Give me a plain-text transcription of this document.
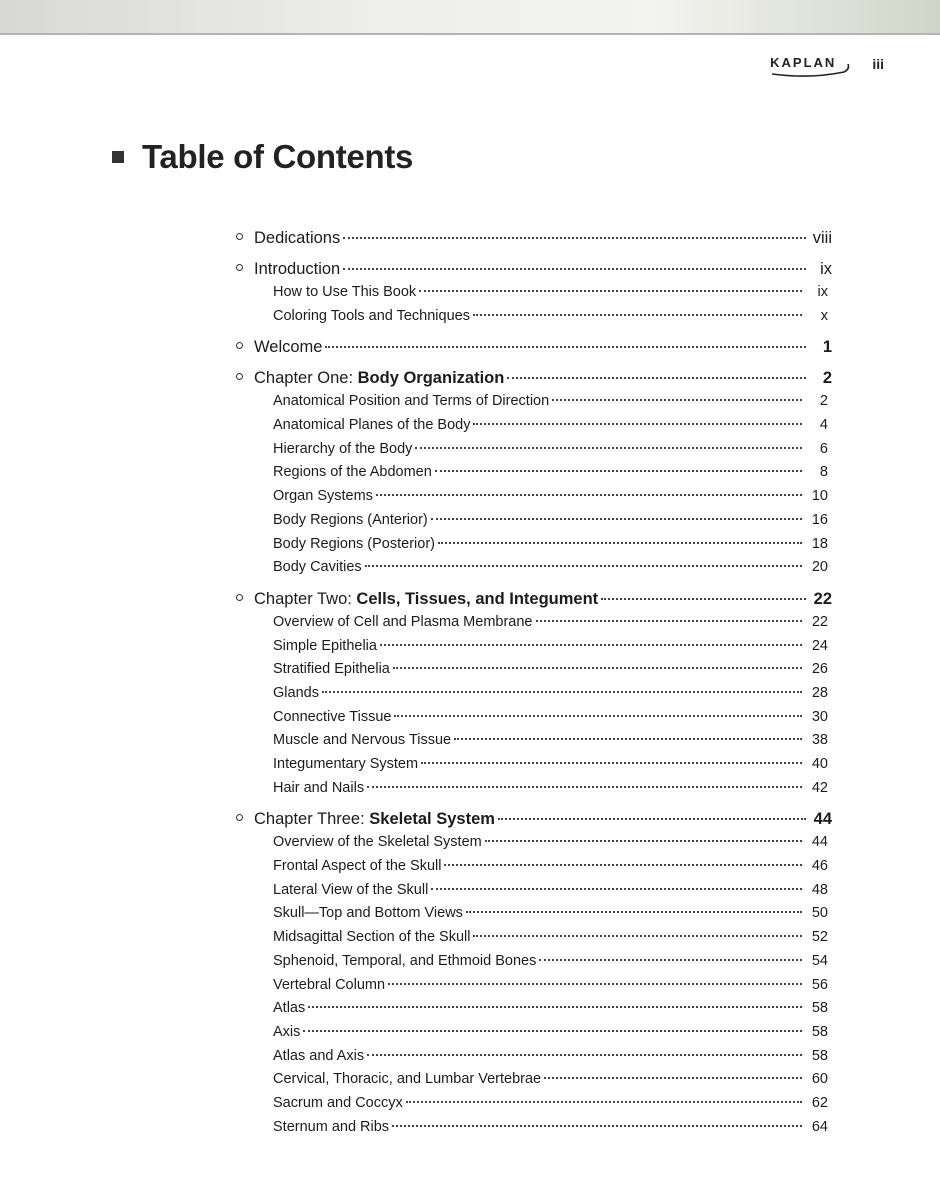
KAPLAN	iii
Table of Contents
Dedications	viii
Introduction	ix
How to Use This Book	ix
Coloring Tools and Techniques	x
Welcome	1
Chapter One: Body Organization	2
Anatomical Position and Terms of Direction	2
Anatomical Planes of the Body	4
Hierarchy of the Body	6
Regions of the Abdomen	8
Organ Systems	10
Body Regions (Anterior)	16
Body Regions (Posterior)	18
Body Cavities	20
Chapter Two: Cells, Tissues, and Integument	22
Overview of Cell and Plasma Membrane	22
Simple Epithelia	24
Stratified Epithelia	26
Glands	28
Connective Tissue	30
Muscle and Nervous Tissue	38
Integumentary System	40
Hair and Nails	42
Chapter Three: Skeletal System	44
Overview of the Skeletal System	44
Frontal Aspect of the Skull	46
Lateral View of the Skull	48
Skull—Top and Bottom Views	50
Midsagittal Section of the Skull	52
Sphenoid, Temporal, and Ethmoid Bones	54
Vertebral Column	56
Atlas	58
Axis	58
Atlas and Axis	58
Cervical, Thoracic, and Lumbar Vertebrae	60
Sacrum and Coccyx	62
Sternum and Ribs	64
